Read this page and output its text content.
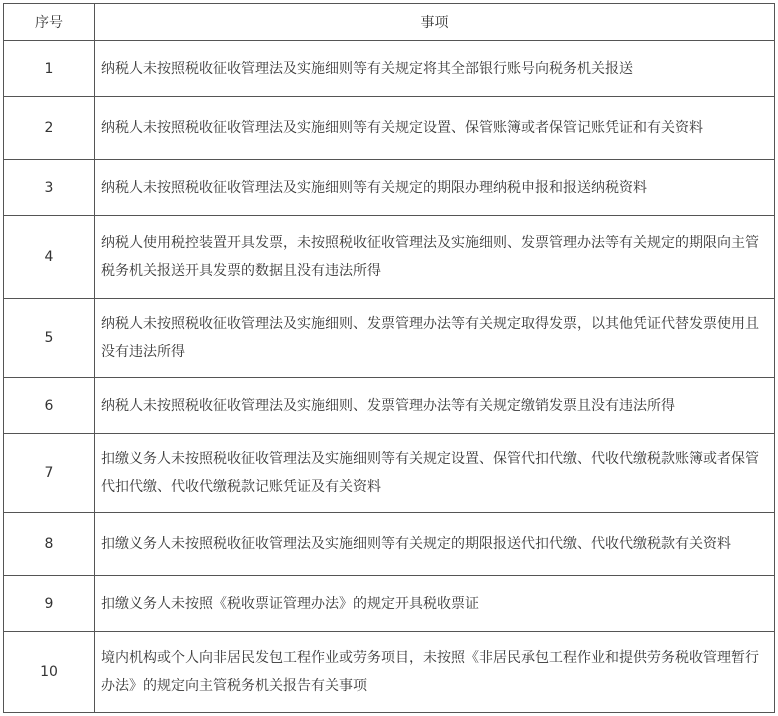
序号	事项
1	纳税人未按照税收征收管理法及实施细则等有关规定将其全部银行账号向税务机关报送
2	纳税人未按照税收征收管理法及实施细则等有关规定设置、保管账簿或者保管记账凭证和有关资料
3	纳税人未按照税收征收管理法及实施细则等有关规定的期限办理纳税申报和报送纳税资料
4	纳税人使用税控装置开具发票，未按照税收征收管理法及实施细则、发票管理办法等有关规定的期限向主管税务机关报送开具发票的数据且没有违法所得
5	纳税人未按照税收征收管理法及实施细则、发票管理办法等有关规定取得发票，以其他凭证代替发票使用且没有违法所得
6	纳税人未按照税收征收管理法及实施细则、发票管理办法等有关规定缴销发票且没有违法所得
7	扣缴义务人未按照税收征收管理法及实施细则等有关规定设置、保管代扣代缴、代收代缴税款账簿或者保管代扣代缴、代收代缴税款记账凭证及有关资料
8	扣缴义务人未按照税收征收管理法及实施细则等有关规定的期限报送代扣代缴、代收代缴税款有关资料
9	扣缴义务人未按照《税收票证管理办法》的规定开具税收票证
10	境内机构或个人向非居民发包工程作业或劳务项目，未按照《非居民承包工程作业和提供劳务税收管理暂行办法》的规定向主管税务机关报告有关事项
